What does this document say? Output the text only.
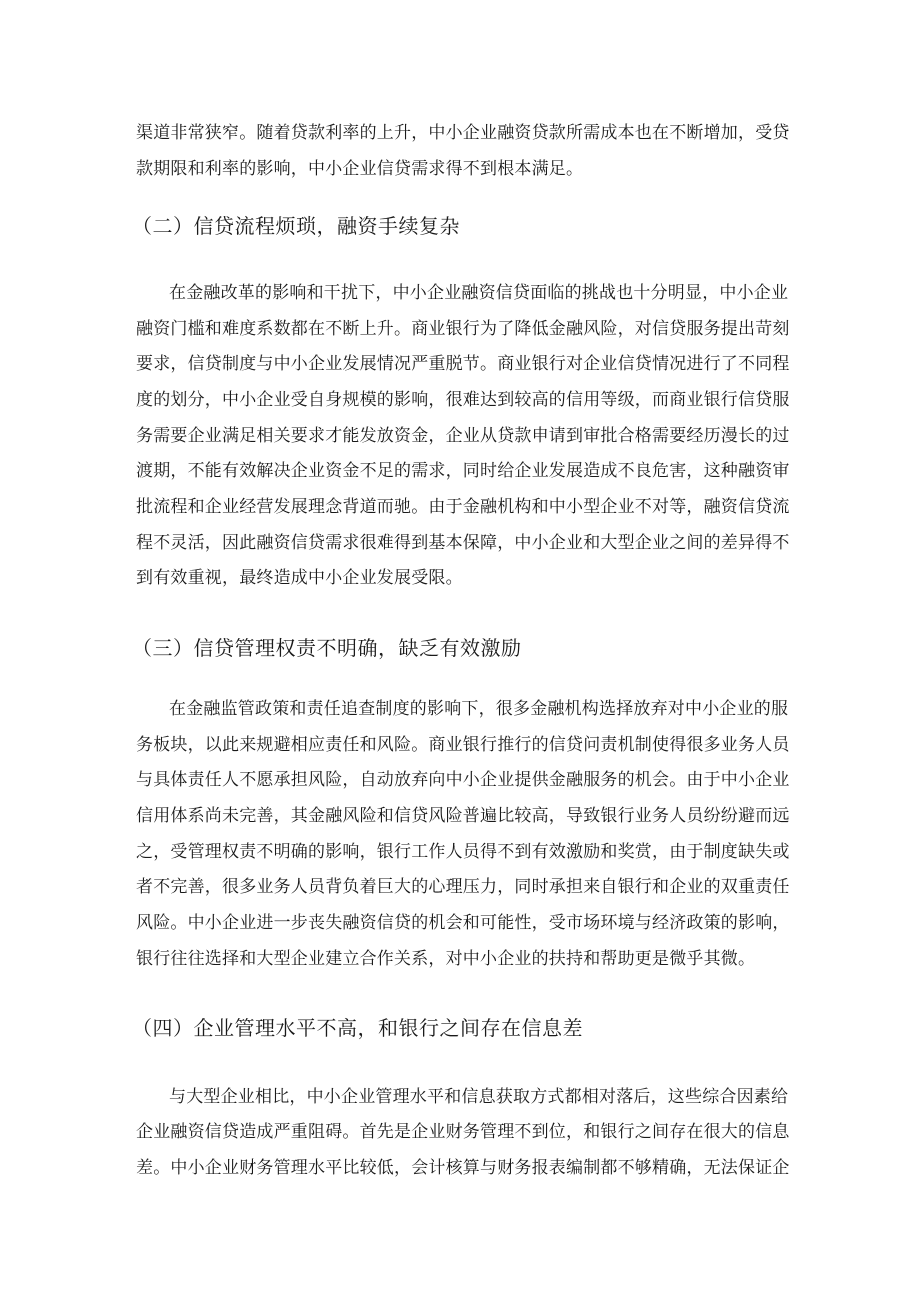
渠道非常狭窄。随着贷款利率的上升，中小企业融资贷款所需成本也在不断增加，受贷
款期限和利率的影响，中小企业信贷需求得不到根本满足。
（二）信贷流程烦琐，融资手续复杂
在金融改革的影响和干扰下，中小企业融资信贷面临的挑战也十分明显，中小企业
融资门槛和难度系数都在不断上升。商业银行为了降低金融风险，对信贷服务提出苛刻
要求，信贷制度与中小企业发展情况严重脱节。商业银行对企业信贷情况进行了不同程
度的划分，中小企业受自身规模的影响，很难达到较高的信用等级，而商业银行信贷服
务需要企业满足相关要求才能发放资金，企业从贷款申请到审批合格需要经历漫长的过
渡期，不能有效解决企业资金不足的需求，同时给企业发展造成不良危害，这种融资审
批流程和企业经营发展理念背道而驰。由于金融机构和中小型企业不对等，融资信贷流
程不灵活，因此融资信贷需求很难得到基本保障，中小企业和大型企业之间的差异得不
到有效重视，最终造成中小企业发展受限。
（三）信贷管理权责不明确，缺乏有效激励
在金融监管政策和责任追查制度的影响下，很多金融机构选择放弃对中小企业的服
务板块，以此来规避相应责任和风险。商业银行推行的信贷问责机制使得很多业务人员
与具体责任人不愿承担风险，自动放弃向中小企业提供金融服务的机会。由于中小企业
信用体系尚未完善，其金融风险和信贷风险普遍比较高，导致银行业务人员纷纷避而远
之，受管理权责不明确的影响，银行工作人员得不到有效激励和奖赏，由于制度缺失或
者不完善，很多业务人员背负着巨大的心理压力，同时承担来自银行和企业的双重责任
风险。中小企业进一步丧失融资信贷的机会和可能性，受市场环境与经济政策的影响，
银行往往选择和大型企业建立合作关系，对中小企业的扶持和帮助更是微乎其微。
（四）企业管理水平不高，和银行之间存在信息差
与大型企业相比，中小企业管理水平和信息获取方式都相对落后，这些综合因素给
企业融资信贷造成严重阻碍。首先是企业财务管理不到位，和银行之间存在很大的信息
差。中小企业财务管理水平比较低，会计核算与财务报表编制都不够精确，无法保证企
